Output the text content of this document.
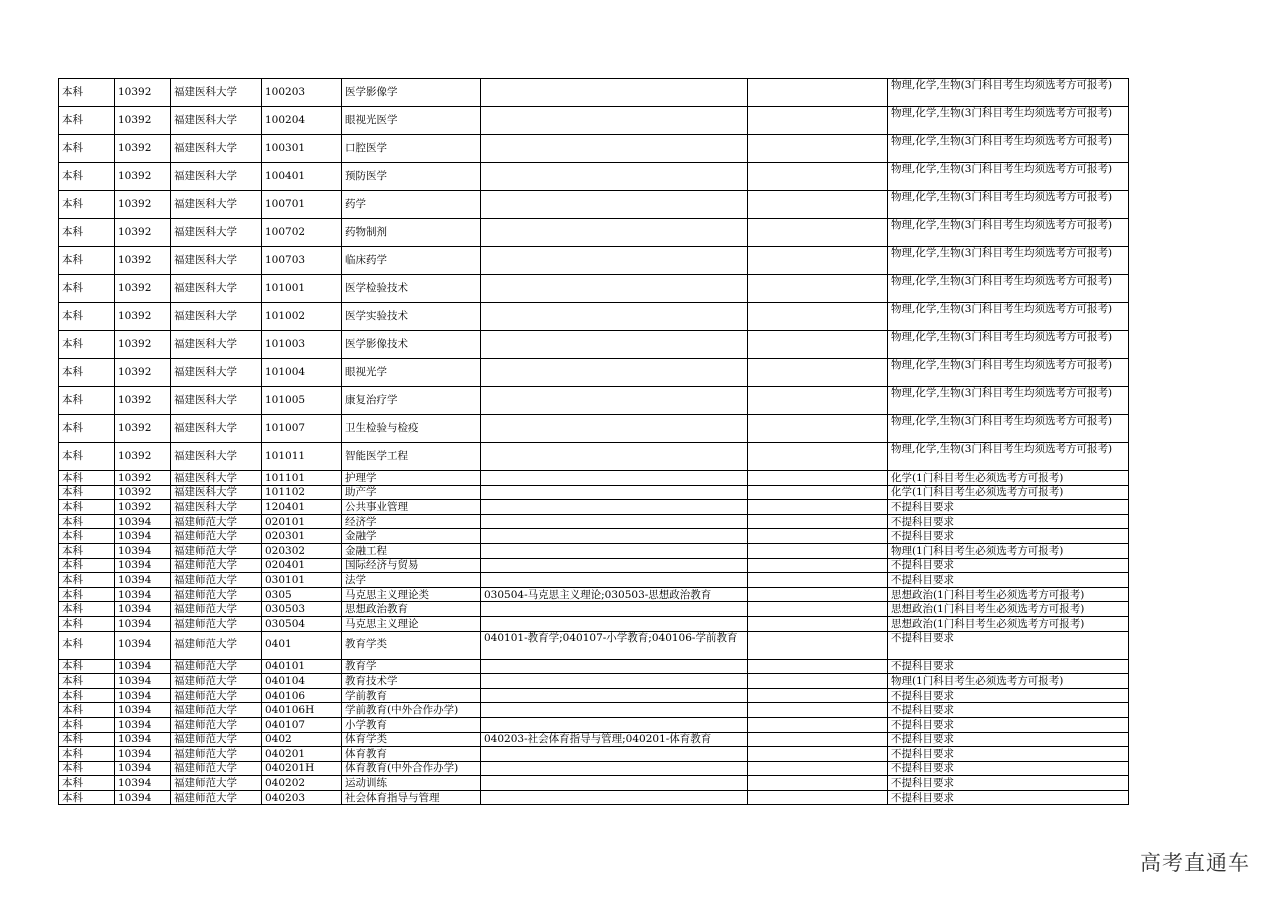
本科	10392	福建医科大学	100203	医学影像学			物理,化学,生物(3门科目考生均须选考方可报考)
本科	10392	福建医科大学	100204	眼视光医学			物理,化学,生物(3门科目考生均须选考方可报考)
本科	10392	福建医科大学	100301	口腔医学			物理,化学,生物(3门科目考生均须选考方可报考)
本科	10392	福建医科大学	100401	预防医学			物理,化学,生物(3门科目考生均须选考方可报考)
本科	10392	福建医科大学	100701	药学			物理,化学,生物(3门科目考生均须选考方可报考)
本科	10392	福建医科大学	100702	药物制剂			物理,化学,生物(3门科目考生均须选考方可报考)
本科	10392	福建医科大学	100703	临床药学			物理,化学,生物(3门科目考生均须选考方可报考)
本科	10392	福建医科大学	101001	医学检验技术			物理,化学,生物(3门科目考生均须选考方可报考)
本科	10392	福建医科大学	101002	医学实验技术			物理,化学,生物(3门科目考生均须选考方可报考)
本科	10392	福建医科大学	101003	医学影像技术			物理,化学,生物(3门科目考生均须选考方可报考)
本科	10392	福建医科大学	101004	眼视光学			物理,化学,生物(3门科目考生均须选考方可报考)
本科	10392	福建医科大学	101005	康复治疗学			物理,化学,生物(3门科目考生均须选考方可报考)
本科	10392	福建医科大学	101007	卫生检验与检疫			物理,化学,生物(3门科目考生均须选考方可报考)
本科	10392	福建医科大学	101011	智能医学工程			物理,化学,生物(3门科目考生均须选考方可报考)
本科	10392	福建医科大学	101101	护理学			化学(1门科目考生必须选考方可报考)
本科	10392	福建医科大学	101102	助产学			化学(1门科目考生必须选考方可报考)
本科	10392	福建医科大学	120401	公共事业管理			不提科目要求
本科	10394	福建师范大学	020101	经济学			不提科目要求
本科	10394	福建师范大学	020301	金融学			不提科目要求
本科	10394	福建师范大学	020302	金融工程			物理(1门科目考生必须选考方可报考)
本科	10394	福建师范大学	020401	国际经济与贸易			不提科目要求
本科	10394	福建师范大学	030101	法学			不提科目要求
本科	10394	福建师范大学	0305	马克思主义理论类	030504-马克思主义理论;030503-思想政治教育		思想政治(1门科目考生必须选考方可报考)
本科	10394	福建师范大学	030503	思想政治教育			思想政治(1门科目考生必须选考方可报考)
本科	10394	福建师范大学	030504	马克思主义理论			思想政治(1门科目考生必须选考方可报考)
本科	10394	福建师范大学	0401	教育学类	040101-教育学;040107-小学教育;040106-学前教育		不提科目要求
本科	10394	福建师范大学	040101	教育学			不提科目要求
本科	10394	福建师范大学	040104	教育技术学			物理(1门科目考生必须选考方可报考)
本科	10394	福建师范大学	040106	学前教育			不提科目要求
本科	10394	福建师范大学	040106H	学前教育(中外合作办学)			不提科目要求
本科	10394	福建师范大学	040107	小学教育			不提科目要求
本科	10394	福建师范大学	0402	体育学类	040203-社会体育指导与管理;040201-体育教育		不提科目要求
本科	10394	福建师范大学	040201	体育教育			不提科目要求
本科	10394	福建师范大学	040201H	体育教育(中外合作办学)			不提科目要求
本科	10394	福建师范大学	040202	运动训练			不提科目要求
本科	10394	福建师范大学	040203	社会体育指导与管理			不提科目要求
高考直通车
